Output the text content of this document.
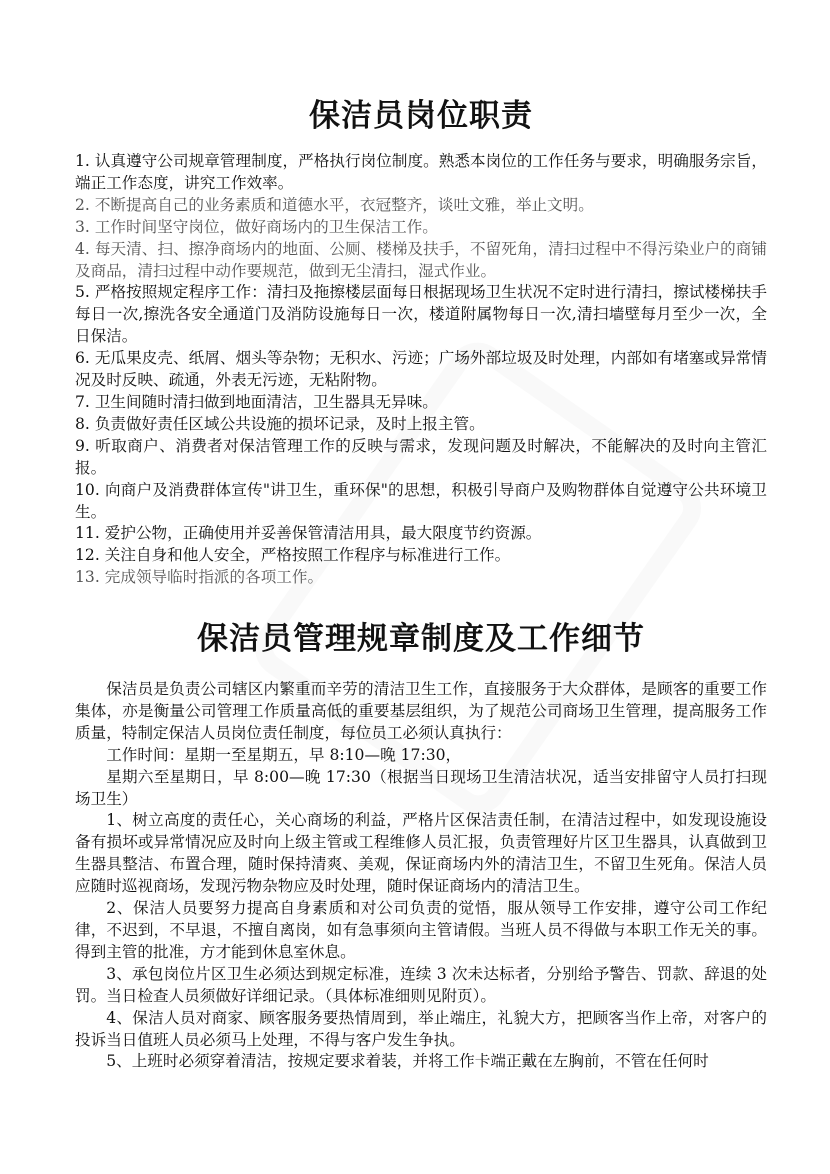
保洁员岗位职责

1. 认真遵守公司规章管理制度，严格执行岗位制度。熟悉本岗位的工作任务与要求，明确服务宗旨，端正工作态度，讲究工作效率。

2. 不断提高自己的业务素质和道德水平，衣冠整齐，谈吐文雅，举止文明。

3. 工作时间坚守岗位，做好商场内的卫生保洁工作。

4. 每天清、扫、擦净商场内的地面、公厕、楼梯及扶手，不留死角，清扫过程中不得污染业户的商铺及商品，清扫过程中动作要规范，做到无尘清扫，湿式作业。

5. 严格按照规定程序工作：清扫及拖擦楼层面每日根据现场卫生状况不定时进行清扫，擦试楼梯扶手每日一次,擦洗各安全通道门及消防设施每日一次，楼道附属物每日一次,清扫墙壁每月至少一次，全日保洁。

6. 无瓜果皮壳、纸屑、烟头等杂物；无积水、污迹；广场外部垃圾及时处理，内部如有堵塞或异常情况及时反映、疏通，外表无污迹，无粘附物。

7. 卫生间随时清扫做到地面清洁，卫生器具无异味。

8. 负责做好责任区域公共设施的损坏记录，及时上报主管。

9. 听取商户、消费者对保洁管理工作的反映与需求，发现问题及时解决，不能解决的及时向主管汇报。

10. 向商户及消费群体宣传"讲卫生，重环保"的思想，积极引导商户及购物群体自觉遵守公共环境卫生。

11. 爱护公物，正确使用并妥善保管清洁用具，最大限度节约资源。

12. 关注自身和他人安全，严格按照工作程序与标准进行工作。

13. 完成领导临时指派的各项工作。

保洁员管理规章制度及工作细节

保洁员是负责公司辖区内繁重而辛劳的清洁卫生工作，直接服务于大众群体，是顾客的重要工作集体，亦是衡量公司管理工作质量高低的重要基层组织，为了规范公司商场卫生管理，提高服务工作质量，特制定保洁人员岗位责任制度，每位员工必须认真执行：

工作时间：星期一至星期五，早 8:10—晚 17:30，

星期六至星期日，早 8:00—晚 17:30（根据当日现场卫生清洁状况，适当安排留守人员打扫现场卫生）

1、树立高度的责任心，关心商场的利益，严格片区保洁责任制，在清洁过程中，如发现设施设备有损坏或异常情况应及时向上级主管或工程维修人员汇报，负责管理好片区卫生器具，认真做到卫生器具整洁、布置合理，随时保持清爽、美观，保证商场内外的清洁卫生，不留卫生死角。保洁人员应随时巡视商场，发现污物杂物应及时处理，随时保证商场内的清洁卫生。

2、保洁人员要努力提高自身素质和对公司负责的觉悟，服从领导工作安排，遵守公司工作纪律，不迟到，不早退，不擅自离岗，如有急事须向主管请假。当班人员不得做与本职工作无关的事。得到主管的批准，方才能到休息室休息。

3、承包岗位片区卫生必须达到规定标准，连续 3 次未达标者，分别给予警告、罚款、辞退的处罚。当日检查人员须做好详细记录。（具体标准细则见附页）。

4、保洁人员对商家、顾客服务要热情周到，举止端庄，礼貌大方，把顾客当作上帝，对客户的投诉当日值班人员必须马上处理，不得与客户发生争执。

5、上班时必须穿着清洁，按规定要求着装，并将工作卡端正戴在左胸前，不管在任何时
